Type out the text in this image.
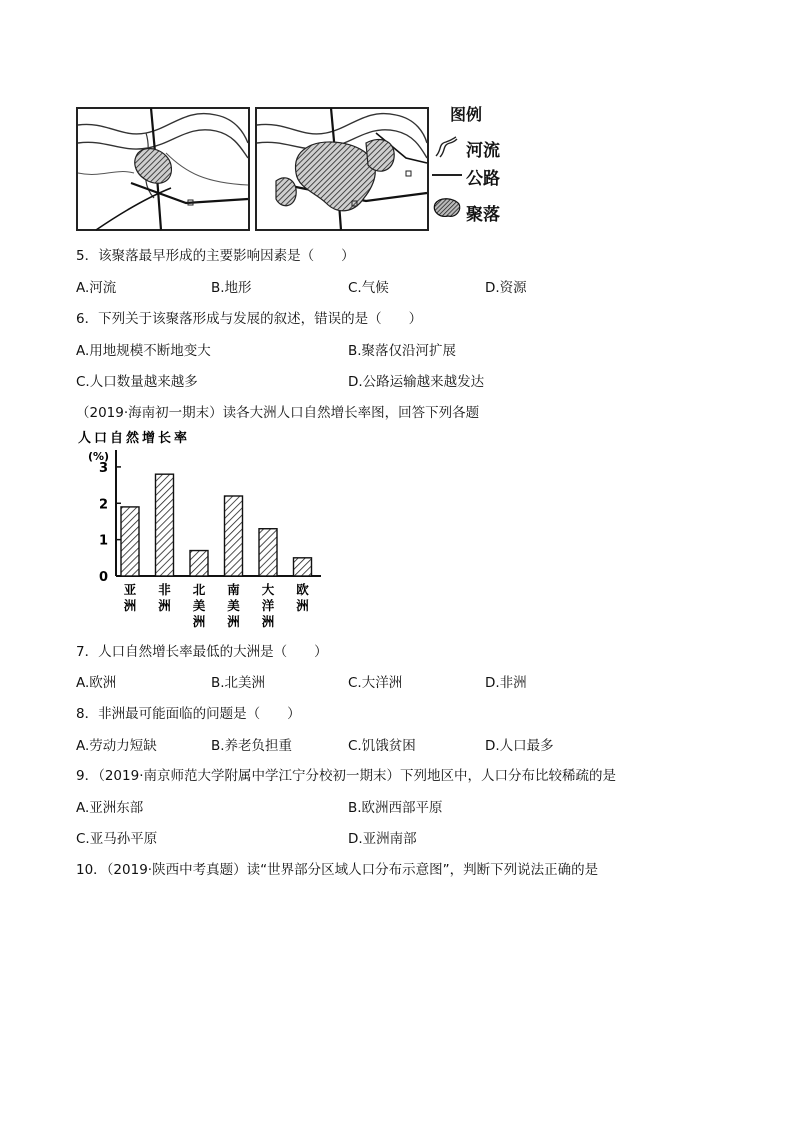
图例
河流
公路
聚落
5．该聚落最早形成的主要影响因素是（　　）
A.河流	B.地形	C.气候	D.资源
6．下列关于该聚落形成与发展的叙述，错误的是（　　）
A.用地规模不断地变大	B.聚落仅沿河扩展
C.人口数量越来越多	D.公路运输越来越发达
（2019·海南初一期末）读各大洲人口自然增长率图，回答下列各题
人口自然增长率
(%)
0
1
2
3
亚
洲
非
洲
北
美
洲
南
美
洲
大
洋
洲
欧
洲
7．人口自然增长率最低的大洲是（　　）
A.欧洲	B.北美洲	C.大洋洲	D.非洲
8．非洲最可能面临的问题是（　　）
A.劳动力短缺	B.养老负担重	C.饥饿贫困	D.人口最多
9．（2019·南京师范大学附属中学江宁分校初一期末）下列地区中，人口分布比较稀疏的是
A.亚洲东部	B.欧洲西部平原
C.亚马孙平原	D.亚洲南部
10．（2019·陕西中考真题）读“世界部分区域人口分布示意图”，判断下列说法正确的是
